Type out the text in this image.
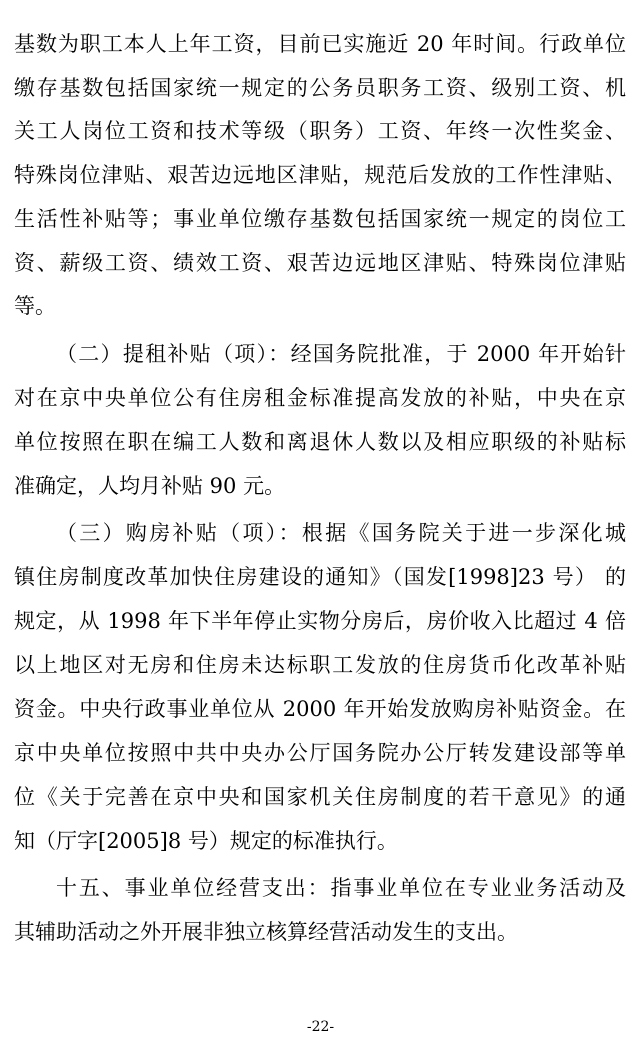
基数为职工本人上年工资，目前已实施近 20 年时间。行政单位
缴存基数包括国家统一规定的公务员职务工资、级别工资、机
关工人岗位工资和技术等级（职务）工资、年终一次性奖金、
特殊岗位津贴、艰苦边远地区津贴，规范后发放的工作性津贴、
生活性补贴等；事业单位缴存基数包括国家统一规定的岗位工
资、薪级工资、绩效工资、艰苦边远地区津贴、特殊岗位津贴
等。
（二）提租补贴（项）：经国务院批准，于 2000 年开始针
对在京中央单位公有住房租金标准提高发放的补贴，中央在京
单位按照在职在编工人数和离退休人数以及相应职级的补贴标
准确定，人均月补贴 90 元。
（三）购房补贴（项）：根据《国务院关于进一步深化城
镇住房制度改革加快住房建设的通知》（国发[1998]23 号） 的
规定，从 1998 年下半年停止实物分房后，房价收入比超过 4 倍
以上地区对无房和住房未达标职工发放的住房货币化改革补贴
资金。中央行政事业单位从 2000 年开始发放购房补贴资金。在
京中央单位按照中共中央办公厅国务院办公厅转发建设部等单
位《关于完善在京中央和国家机关住房制度的若干意见》的通
知（厅字[2005]8 号）规定的标准执行。
十五、事业单位经营支出：指事业单位在专业业务活动及
其辅助活动之外开展非独立核算经营活动发生的支出。
-22-
